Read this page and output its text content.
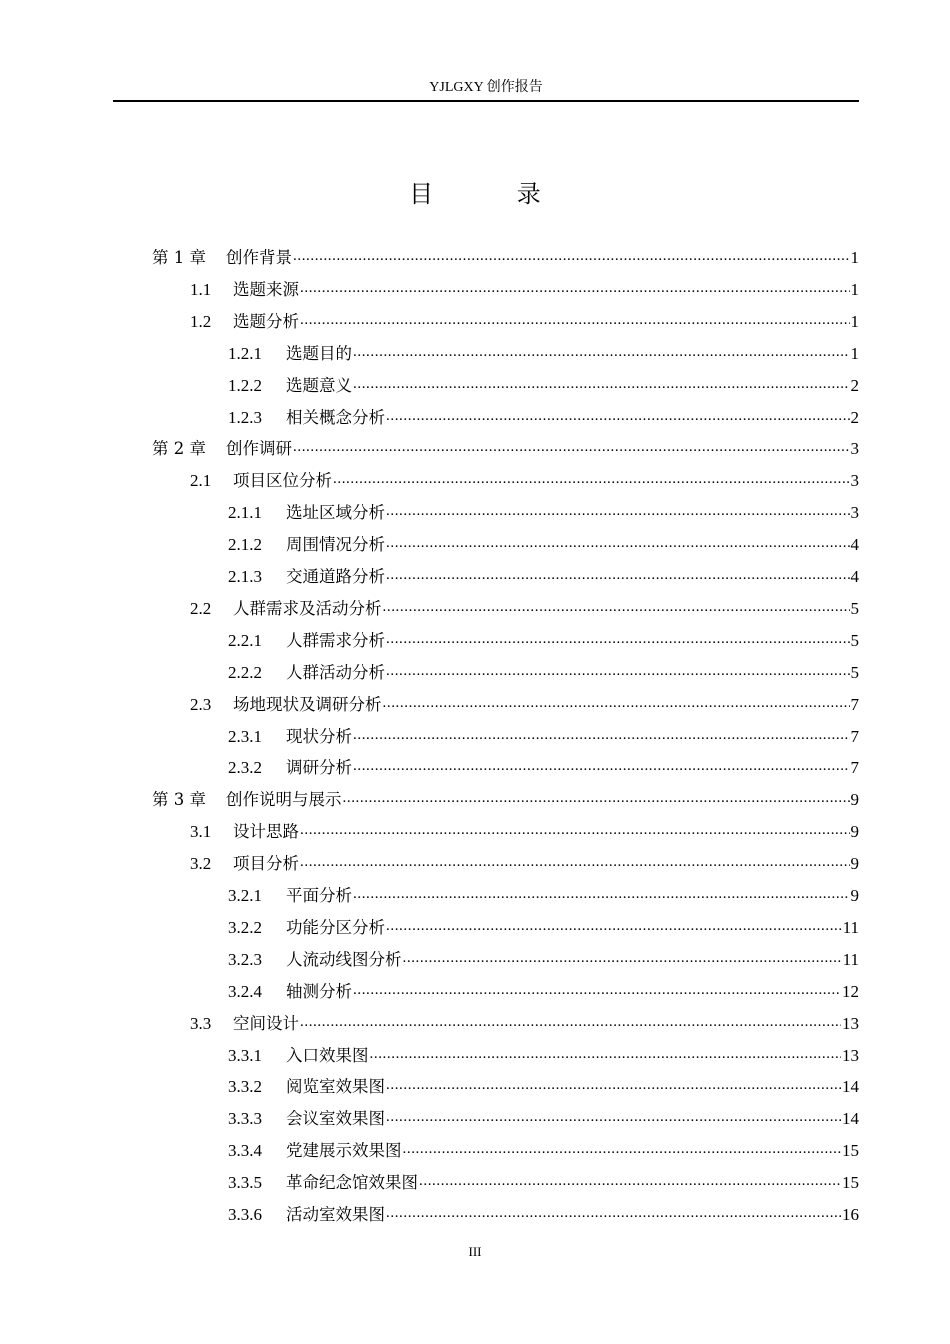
YJLGXY 创作报告
目 录
第 1 章	创作背景 .....	1
1.1	选题来源 .....	1
1.2	选题分析 .....	1
1.2.1	选题目的 .....	1
1.2.2	选题意义 .....	2
1.2.3	相关概念分析 .....	2
第 2 章	创作调研 .....	3
2.1	项目区位分析 .....	3
2.1.1	选址区域分析 .....	3
2.1.2	周围情况分析 .....	4
2.1.3	交通道路分析 .....	4
2.2	人群需求及活动分析 .....	5
2.2.1	人群需求分析 .....	5
2.2.2	人群活动分析 .....	5
2.3	场地现状及调研分析 .....	7
2.3.1	现状分析 .....	7
2.3.2	调研分析 .....	7
第 3 章	创作说明与展示 .....	9
3.1	设计思路 .....	9
3.2	项目分析 .....	9
3.2.1	平面分析 .....	9
3.2.2	功能分区分析 .....	11
3.2.3	人流动线图分析 .....	11
3.2.4	轴测分析 .....	12
3.3	空间设计 .....	13
3.3.1	入口效果图 .....	13
3.3.2	阅览室效果图 .....	14
3.3.3	会议室效果图 .....	14
3.3.4	党建展示效果图 .....	15
3.3.5	革命纪念馆效果图 .....	15
3.3.6	活动室效果图 .....	16
III
